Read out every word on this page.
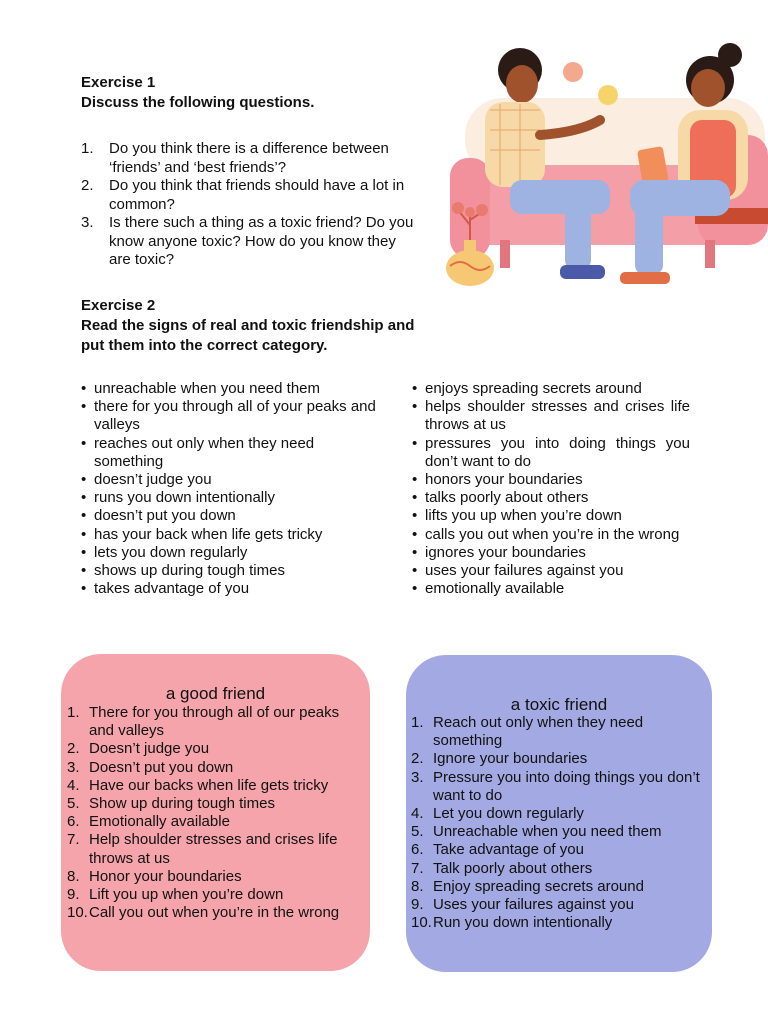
Exercise 1
Discuss the following questions.
1. Do you think there is a difference between ‘friends’ and ‘best friends’?
2. Do you think that friends should have a lot in common?
3. Is there such a thing as a toxic friend? Do you know anyone toxic? How do you know they are toxic?
Exercise 2
Read the signs of real and toxic friendship and put them into the correct category.
• unreachable when you need them
• there for you through all of your peaks and valleys
• reaches out only when they need something
• doesn’t judge you
• runs you down intentionally
• doesn’t put you down
• has your back when life gets tricky
• lets you down regularly
• shows up during tough times
• takes advantage of you
• enjoys spreading secrets around
• helps shoulder stresses and crises life throws at us
• pressures you into doing things you don’t want to do
• honors your boundaries
• talks poorly about others
• lifts you up when you’re down
• calls you out when you’re in the wrong
• ignores your boundaries
• uses your failures against you
• emotionally available
a good friend
1. There for you through all of our peaks and valleys
2. Doesn’t judge you
3. Doesn’t put you down
4. Have our backs when life gets tricky
5. Show up during tough times
6. Emotionally available
7. Help shoulder stresses and crises life throws at us
8. Honor your boundaries
9. Lift you up when you’re down
10. Call you out when you’re in the wrong
a toxic friend
1. Reach out only when they need something
2. Ignore your boundaries
3. Pressure you into doing things you don’t want to do
4. Let you down regularly
5. Unreachable when you need them
6. Take advantage of you
7. Talk poorly about others
8. Enjoy spreading secrets around
9. Uses your failures against you
10. Run you down intentionally
